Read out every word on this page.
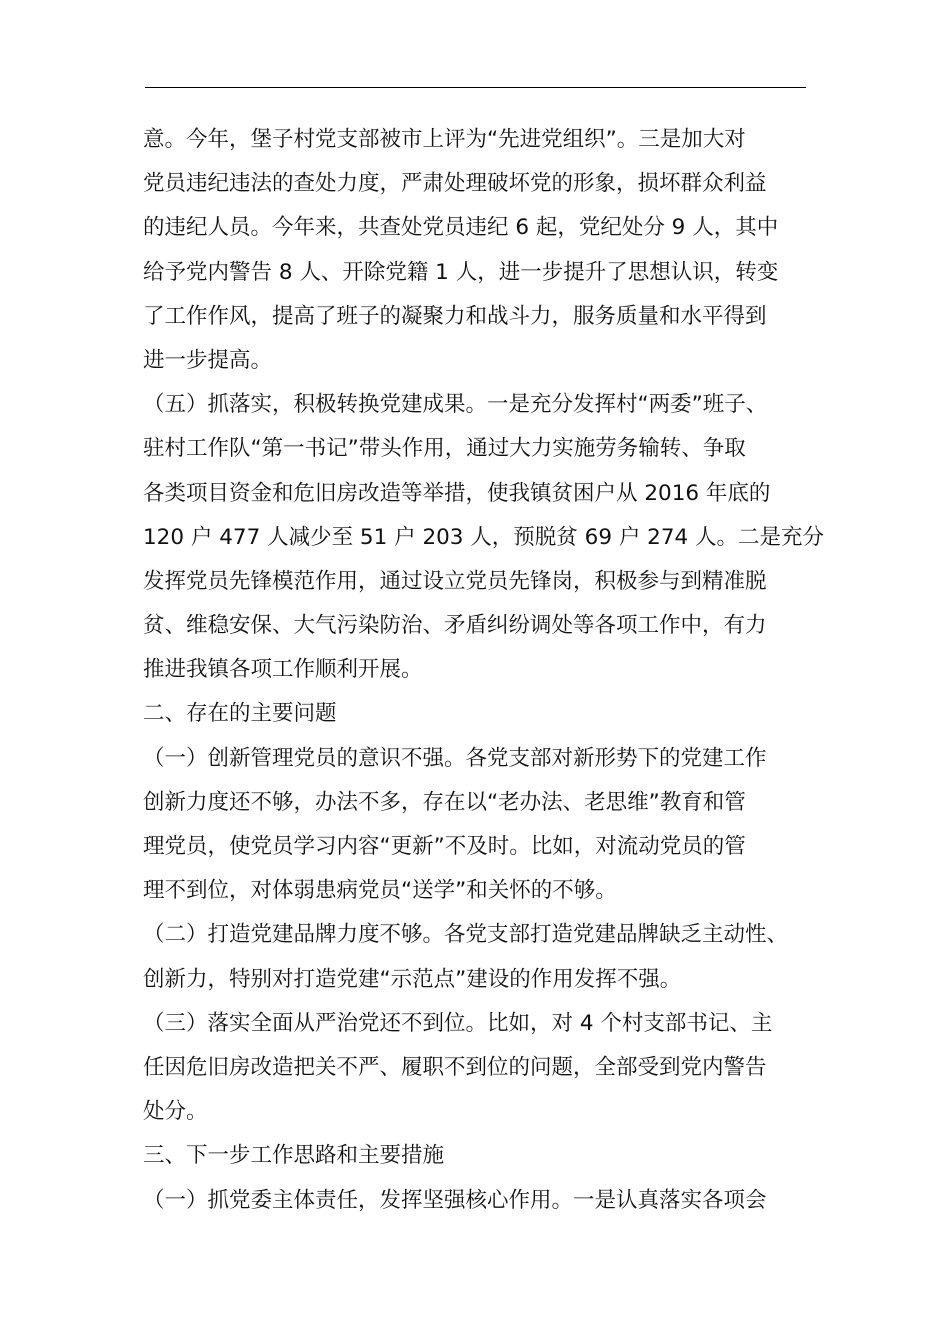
意。今年，堡子村党支部被市上评为“先进党组织”。三是加大对
党员违纪违法的查处力度，严肃处理破坏党的形象，损坏群众利益
的违纪人员。今年来，共查处党员违纪 6 起，党纪处分 9 人，其中
给予党内警告 8 人、开除党籍 1 人，进一步提升了思想认识，转变
了工作作风，提高了班子的凝聚力和战斗力，服务质量和水平得到
进一步提高。
（五）抓落实，积极转换党建成果。一是充分发挥村“两委”班子、
驻村工作队“第一书记”带头作用，通过大力实施劳务输转、争取
各类项目资金和危旧房改造等举措，使我镇贫困户从 2016 年底的
120 户 477 人减少至 51 户 203 人，预脱贫 69 户 274 人。二是充分
发挥党员先锋模范作用，通过设立党员先锋岗，积极参与到精准脱
贫、维稳安保、大气污染防治、矛盾纠纷调处等各项工作中，有力
推进我镇各项工作顺利开展。
二、存在的主要问题
（一）创新管理党员的意识不强。各党支部对新形势下的党建工作
创新力度还不够，办法不多，存在以“老办法、老思维”教育和管
理党员，使党员学习内容“更新”不及时。比如，对流动党员的管
理不到位，对体弱患病党员“送学”和关怀的不够。
（二）打造党建品牌力度不够。各党支部打造党建品牌缺乏主动性、
创新力，特别对打造党建“示范点”建设的作用发挥不强。
（三）落实全面从严治党还不到位。比如，对 4 个村支部书记、主
任因危旧房改造把关不严、履职不到位的问题，全部受到党内警告
处分。
三、下一步工作思路和主要措施
（一）抓党委主体责任，发挥坚强核心作用。一是认真落实各项会
